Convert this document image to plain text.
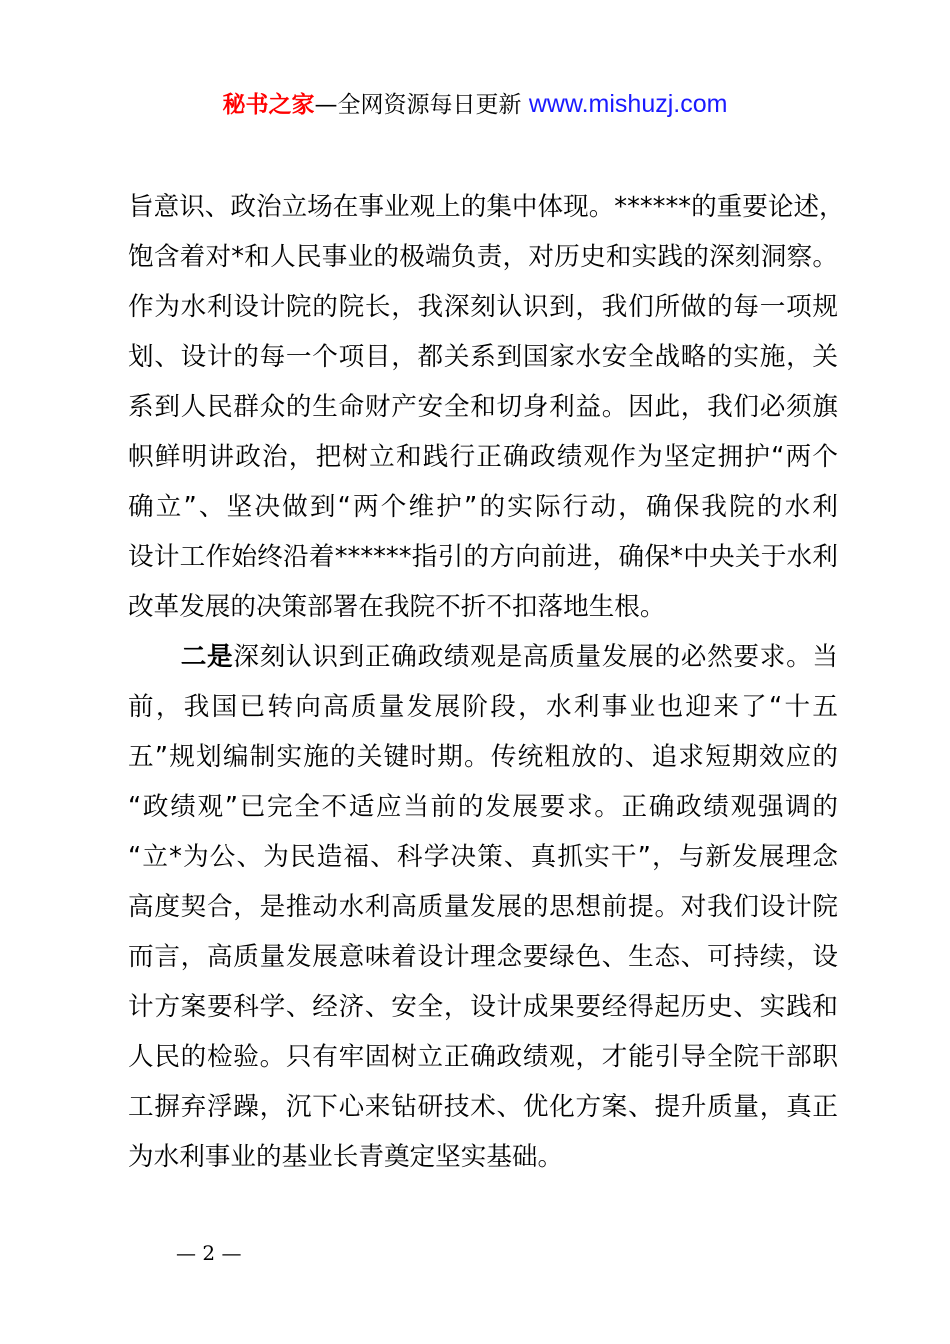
秘书之家—全网资源每日更新 www.mishuzj.com
旨意识、政治立场在事业观上的集中体现。******的重要论述，
饱含着对*和人民事业的极端负责，对历史和实践的深刻洞察。
作为水利设计院的院长，我深刻认识到，我们所做的每一项规
划、设计的每一个项目，都关系到国家水安全战略的实施，关
系到人民群众的生命财产安全和切身利益。因此，我们必须旗
帜鲜明讲政治，把树立和践行正确政绩观作为坚定拥护“两个
确立”、坚决做到“两个维护”的实际行动，确保我院的水利
设计工作始终沿着******指引的方向前进，确保*中央关于水利
改革发展的决策部署在我院不折不扣落地生根。
二是深刻认识到正确政绩观是高质量发展的必然要求。当
前，我国已转向高质量发展阶段，水利事业也迎来了“十五
五”规划编制实施的关键时期。传统粗放的、追求短期效应的
“政绩观”已完全不适应当前的发展要求。正确政绩观强调的
“立*为公、为民造福、科学决策、真抓实干”，与新发展理念
高度契合，是推动水利高质量发展的思想前提。对我们设计院
而言，高质量发展意味着设计理念要绿色、生态、可持续，设
计方案要科学、经济、安全，设计成果要经得起历史、实践和
人民的检验。只有牢固树立正确政绩观，才能引导全院干部职
工摒弃浮躁，沉下心来钻研技术、优化方案、提升质量，真正
为水利事业的基业长青奠定坚实基础。
— 2 —
